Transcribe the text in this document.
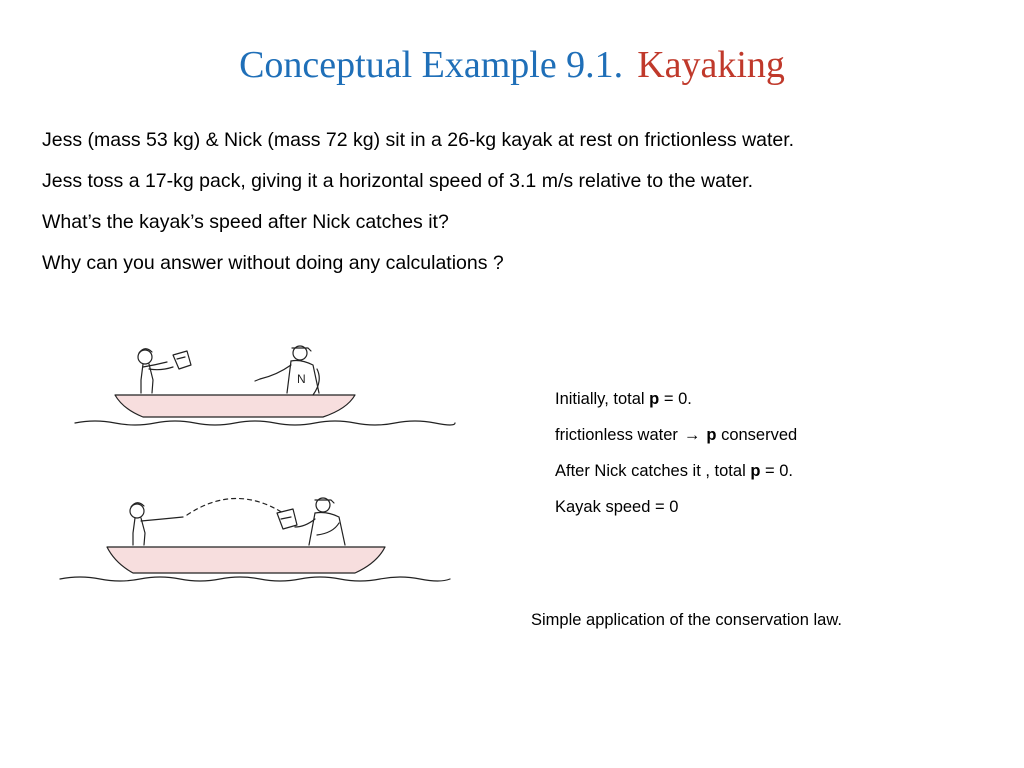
Conceptual Example 9.1. Kayaking

Jess (mass 53 kg) & Nick (mass 72 kg) sit in a 26-kg kayak at rest on frictionless water.

Jess toss a 17-kg pack, giving it a horizontal speed of 3.1 m/s relative to the water.

What’s the kayak’s speed after Nick catches it?

Why can you answer without doing any calculations ?

N
Initially, total p = 0.
frictionless water → p conserved
After Nick catches it , total p = 0.
Kayak speed = 0
Simple application of the conservation law.
